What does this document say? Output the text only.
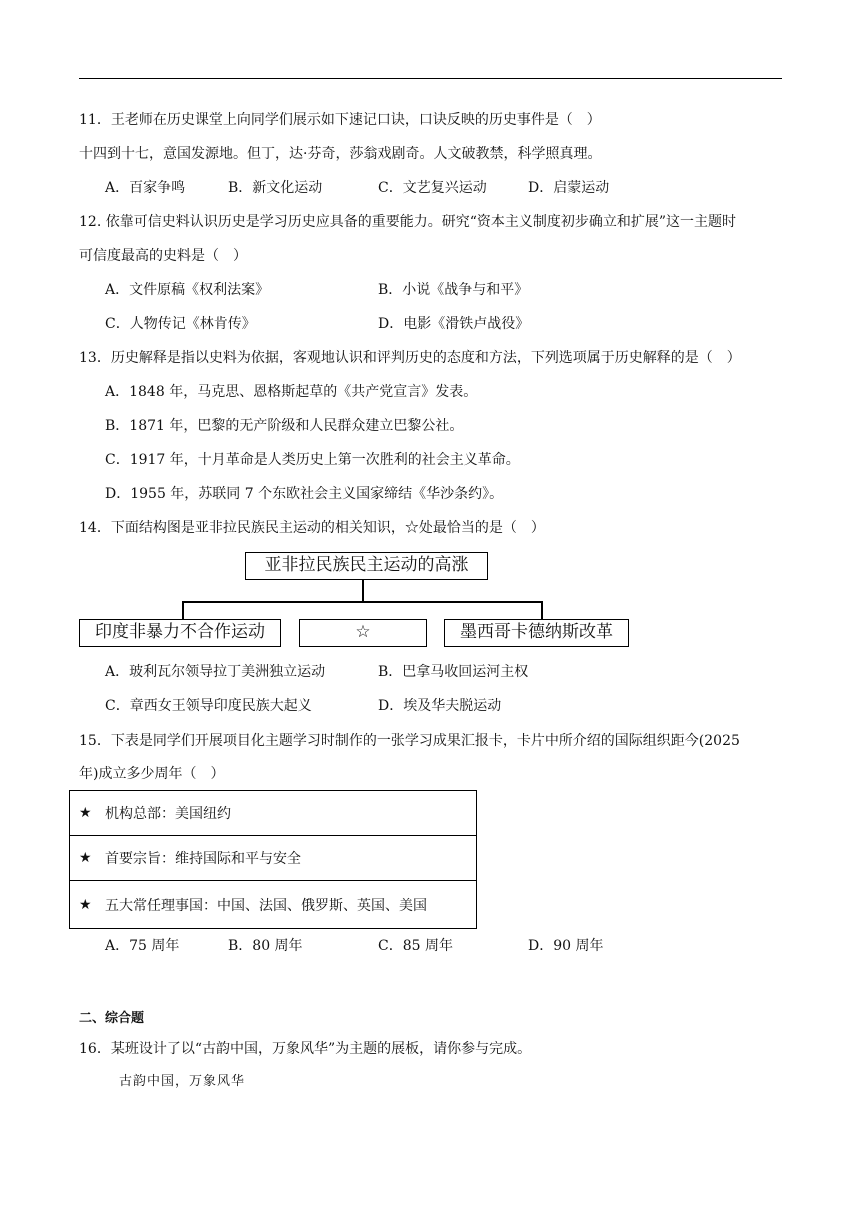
11．王老师在历史课堂上向同学们展示如下速记口诀，口诀反映的历史事件是（　）
十四到十七，意国发源地。但丁，达·芬奇，莎翁戏剧奇。人文破教禁，科学照真理。
A．百家争鸣	B．新文化运动	C．文艺复兴运动	D．启蒙运动
12. 依靠可信史料认识历史是学习历史应具备的重要能力。研究“资本主义制度初步确立和扩展”这一主题时
可信度最高的史料是（　）
A．文件原稿《权利法案》	B．小说《战争与和平》
C．人物传记《林肯传》	D．电影《滑铁卢战役》
13．历史解释是指以史料为依据，客观地认识和评判历史的态度和方法，下列选项属于历史解释的是（　）
A．1848 年，马克思、恩格斯起草的《共产党宣言》发表。
B．1871 年，巴黎的无产阶级和人民群众建立巴黎公社。
C．1917 年，十月革命是人类历史上第一次胜利的社会主义革命。
D．1955 年，苏联同 7 个东欧社会主义国家缔结《华沙条约》。
14．下面结构图是亚非拉民族民主运动的相关知识，☆处最恰当的是（　）
亚非拉民族民主运动的高涨
印度非暴力不合作运动	☆	墨西哥卡德纳斯改革
A．玻利瓦尔领导拉丁美洲独立运动	B．巴拿马收回运河主权
C．章西女王领导印度民族大起义	D．埃及华夫脱运动
15．下表是同学们开展项目化主题学习时制作的一张学习成果汇报卡，卡片中所介绍的国际组织距今(2025
年)成立多少周年（　）
★ 机构总部：美国纽约
★ 首要宗旨：维持国际和平与安全
★ 五大常任理事国：中国、法国、俄罗斯、英国、美国
A．75 周年	B．80 周年	C．85 周年	D．90 周年
二、综合题
16．某班设计了以“古韵中国，万象风华”为主题的展板，请你参与完成。
古韵中国，万象风华
